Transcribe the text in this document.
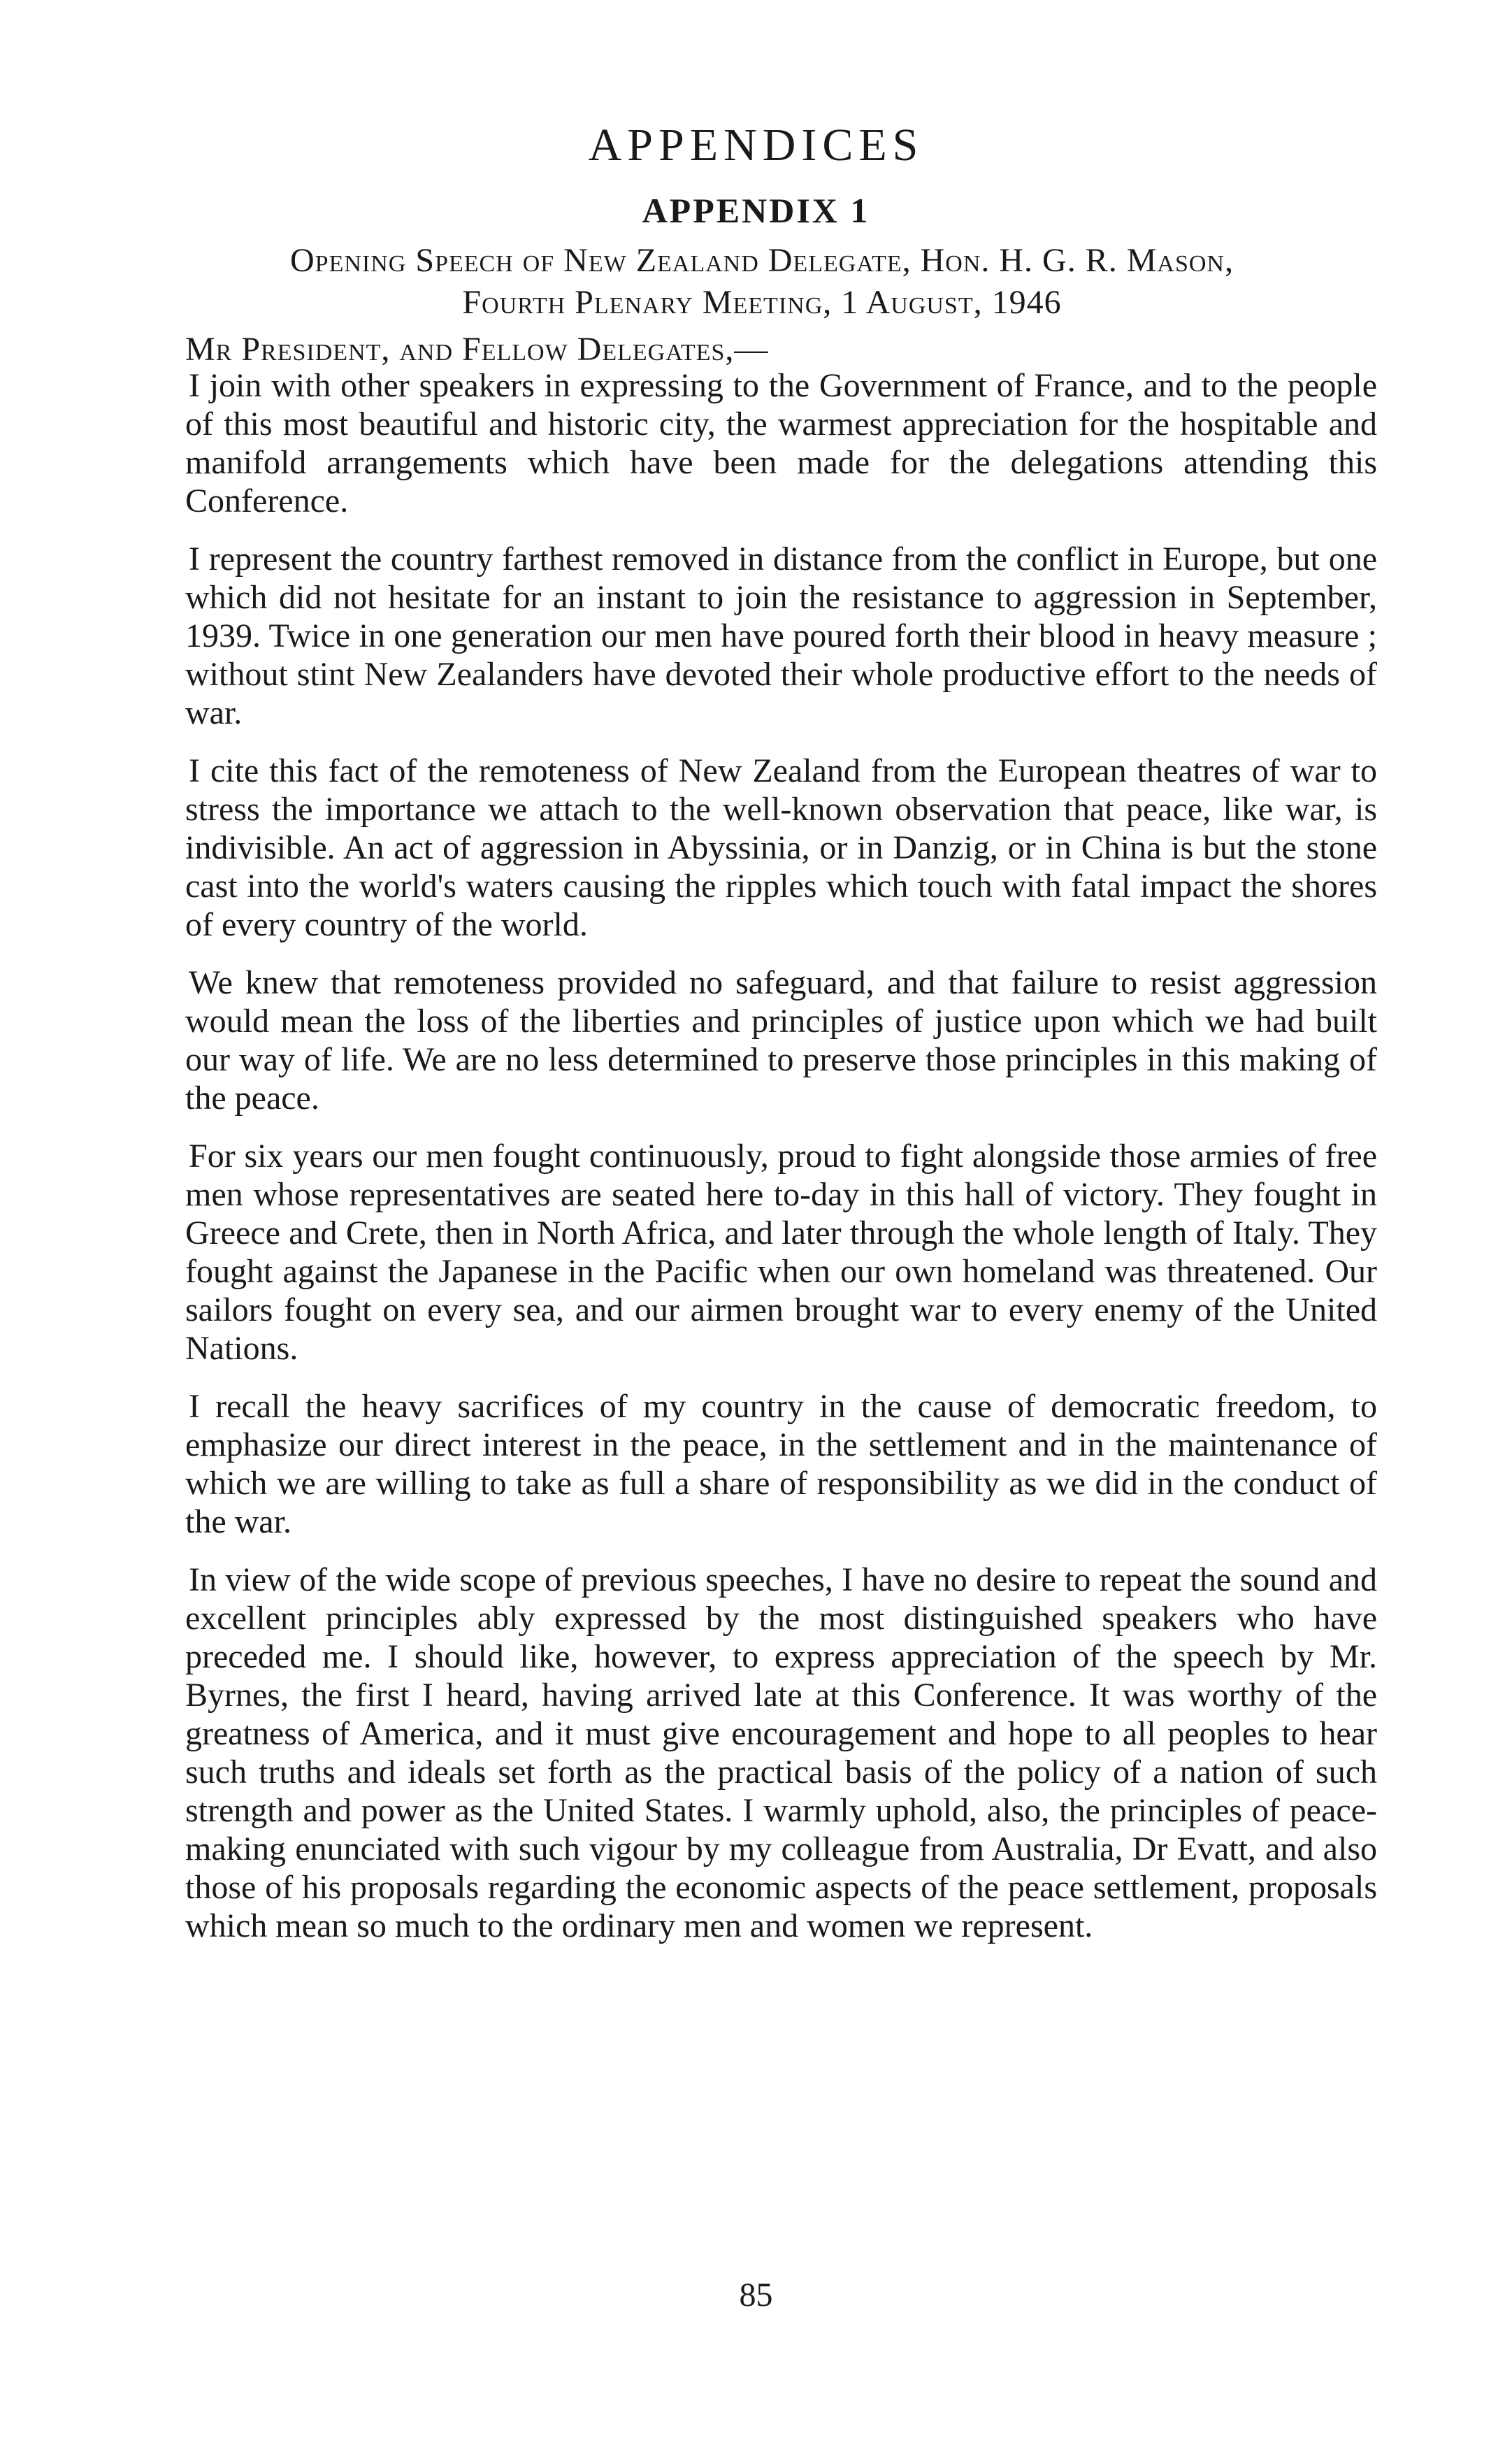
APPENDICES
APPENDIX 1
Opening Speech of New Zealand Delegate, Hon. H. G. R. Mason,
Fourth Plenary Meeting, 1 August, 1946

Mr President, and Fellow Delegates,—

I join with other speakers in expressing to the Government of France, and to the people of this most beautiful and historic city, the warmest appreciation for the hospitable and manifold arrangements which have been made for the delegations attending this Conference.

I represent the country farthest removed in distance from the conflict in Europe, but one which did not hesitate for an instant to join the resistance to aggression in September, 1939. Twice in one generation our men have poured forth their blood in heavy measure ; without stint New Zealanders have devoted their whole productive effort to the needs of war.

I cite this fact of the remoteness of New Zealand from the European theatres of war to stress the importance we attach to the well-known observation that peace, like war, is indivisible. An act of aggression in Abyssinia, or in Danzig, or in China is but the stone cast into the world's waters causing the ripples which touch with fatal impact the shores of every country of the world.

We knew that remoteness provided no safeguard, and that failure to resist aggression would mean the loss of the liberties and principles of justice upon which we had built our way of life. We are no less determined to preserve those principles in this making of the peace.

For six years our men fought continuously, proud to fight alongside those armies of free men whose representatives are seated here to-day in this hall of victory. They fought in Greece and Crete, then in North Africa, and later through the whole length of Italy. They fought against the Japanese in the Pacific when our own homeland was threatened. Our sailors fought on every sea, and our airmen brought war to every enemy of the United Nations.

I recall the heavy sacrifices of my country in the cause of democratic freedom, to emphasize our direct interest in the peace, in the settlement and in the maintenance of which we are willing to take as full a share of responsibility as we did in the conduct of the war.

In view of the wide scope of previous speeches, I have no desire to repeat the sound and excellent principles ably expressed by the most distinguished speakers who have preceded me. I should like, however, to express appreciation of the speech by Mr. Byrnes, the first I heard, having arrived late at this Conference. It was worthy of the greatness of America, and it must give encouragement and hope to all peoples to hear such truths and ideals set forth as the practical basis of the policy of a nation of such strength and power as the United States. I warmly uphold, also, the principles of peace-making enunciated with such vigour by my colleague from Australia, Dr Evatt, and also those of his proposals regarding the economic aspects of the peace settlement, proposals which mean so much to the ordinary men and women we represent.

85
